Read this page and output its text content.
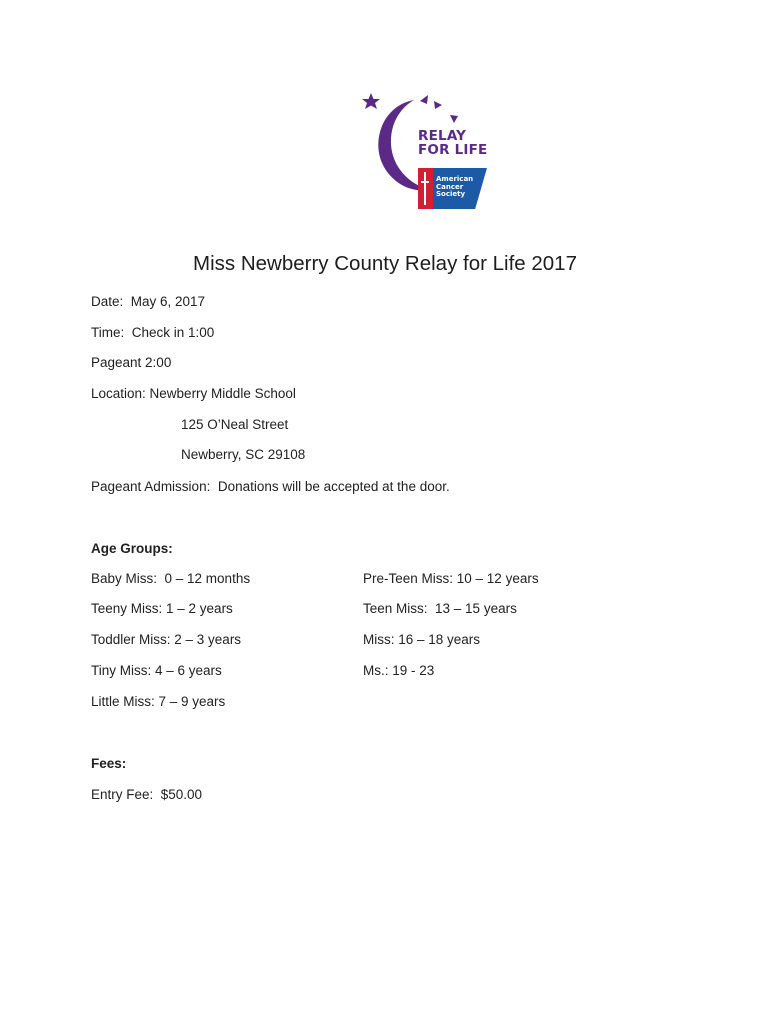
RELAY
FOR LIFE
American
Cancer
Society
Miss Newberry County Relay for Life 2017
Date:  May 6, 2017
Time:  Check in 1:00
Pageant 2:00
Location: Newberry Middle School
125 O’Neal Street
Newberry, SC 29108
Pageant Admission:  Donations will be accepted at the door.
Age Groups:
Baby Miss:  0 – 12 months
Teeny Miss: 1 – 2 years
Toddler Miss: 2 – 3 years
Tiny Miss: 4 – 6 years
Little Miss: 7 – 9 years
Pre-Teen Miss: 10 – 12 years
Teen Miss:  13 – 15 years
Miss: 16 – 18 years
Ms.: 19 - 23
Fees:
Entry Fee:  $50.00
